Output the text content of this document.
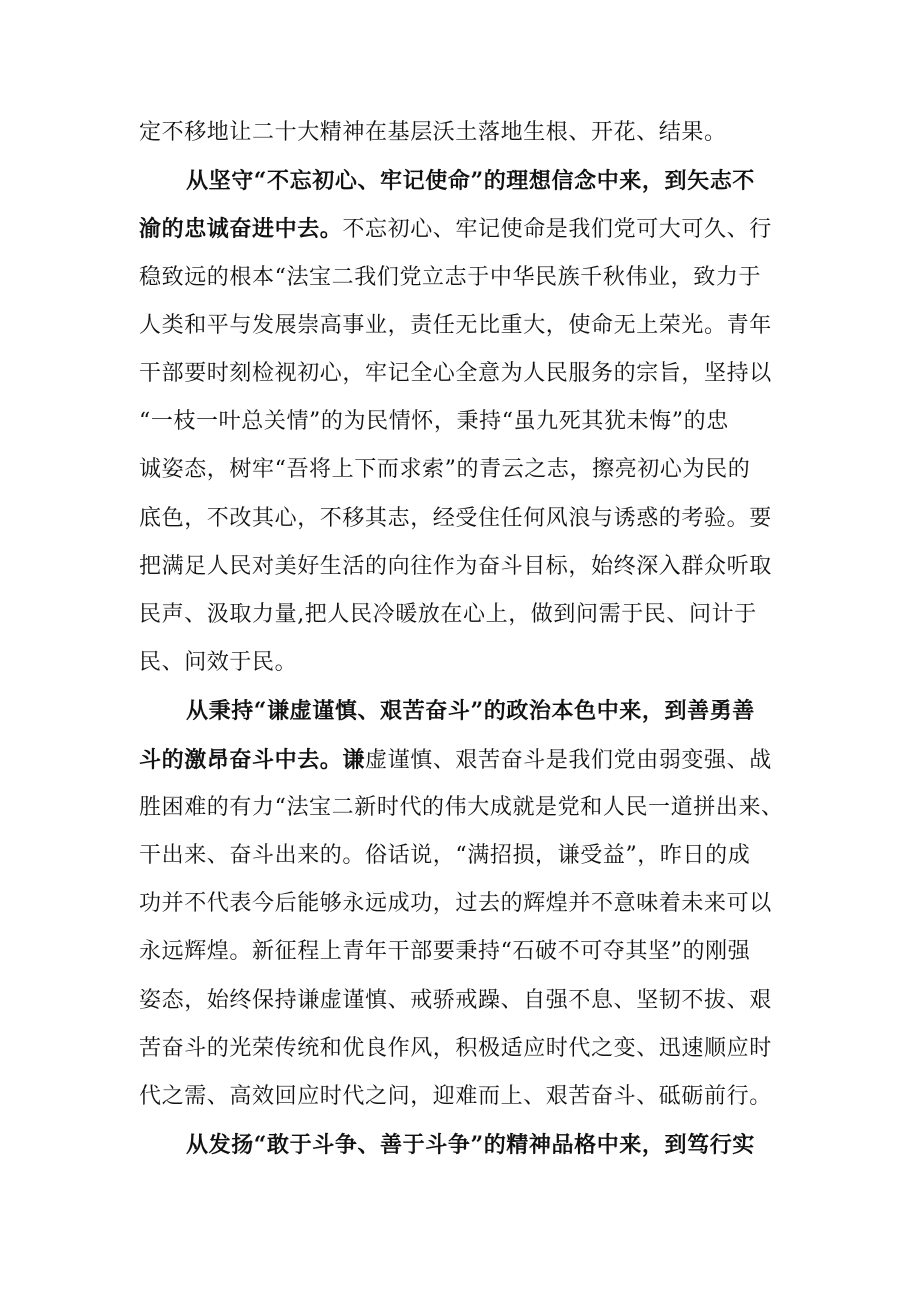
定不移地让二十大精神在基层沃土落地生根、开花、结果。
从坚守“不忘初心、牢记使命”的理想信念中来，到矢志不
渝的忠诚奋进中去。不忘初心、牢记使命是我们党可大可久、行
稳致远的根本“法宝二我们党立志于中华民族千秋伟业，致力于
人类和平与发展崇高事业，责任无比重大，使命无上荣光。青年
干部要时刻检视初心，牢记全心全意为人民服务的宗旨，坚持以
“一枝一叶总关情”的为民情怀，秉持“虽九死其犹未悔”的忠
诚姿态，树牢“吾将上下而求索”的青云之志，擦亮初心为民的
底色，不改其心，不移其志，经受住任何风浪与诱惑的考验。要
把满足人民对美好生活的向往作为奋斗目标，始终深入群众听取
民声、汲取力量,把人民冷暖放在心上，做到问需于民、问计于
民、问效于民。
从秉持“谦虚谨慎、艰苦奋斗”的政治本色中来，到善勇善
斗的激昂奋斗中去。谦虚谨慎、艰苦奋斗是我们党由弱变强、战
胜困难的有力“法宝二新时代的伟大成就是党和人民一道拼出来、
干出来、奋斗出来的。俗话说，“满招损，谦受益”，昨日的成
功并不代表今后能够永远成功，过去的辉煌并不意味着未来可以
永远辉煌。新征程上青年干部要秉持“石破不可夺其坚”的刚强
姿态，始终保持谦虚谨慎、戒骄戒躁、自强不息、坚韧不拔、艰
苦奋斗的光荣传统和优良作风，积极适应时代之变、迅速顺应时
代之需、高效回应时代之问，迎难而上、艰苦奋斗、砥砺前行。
从发扬“敢于斗争、善于斗争”的精神品格中来，到笃行实
